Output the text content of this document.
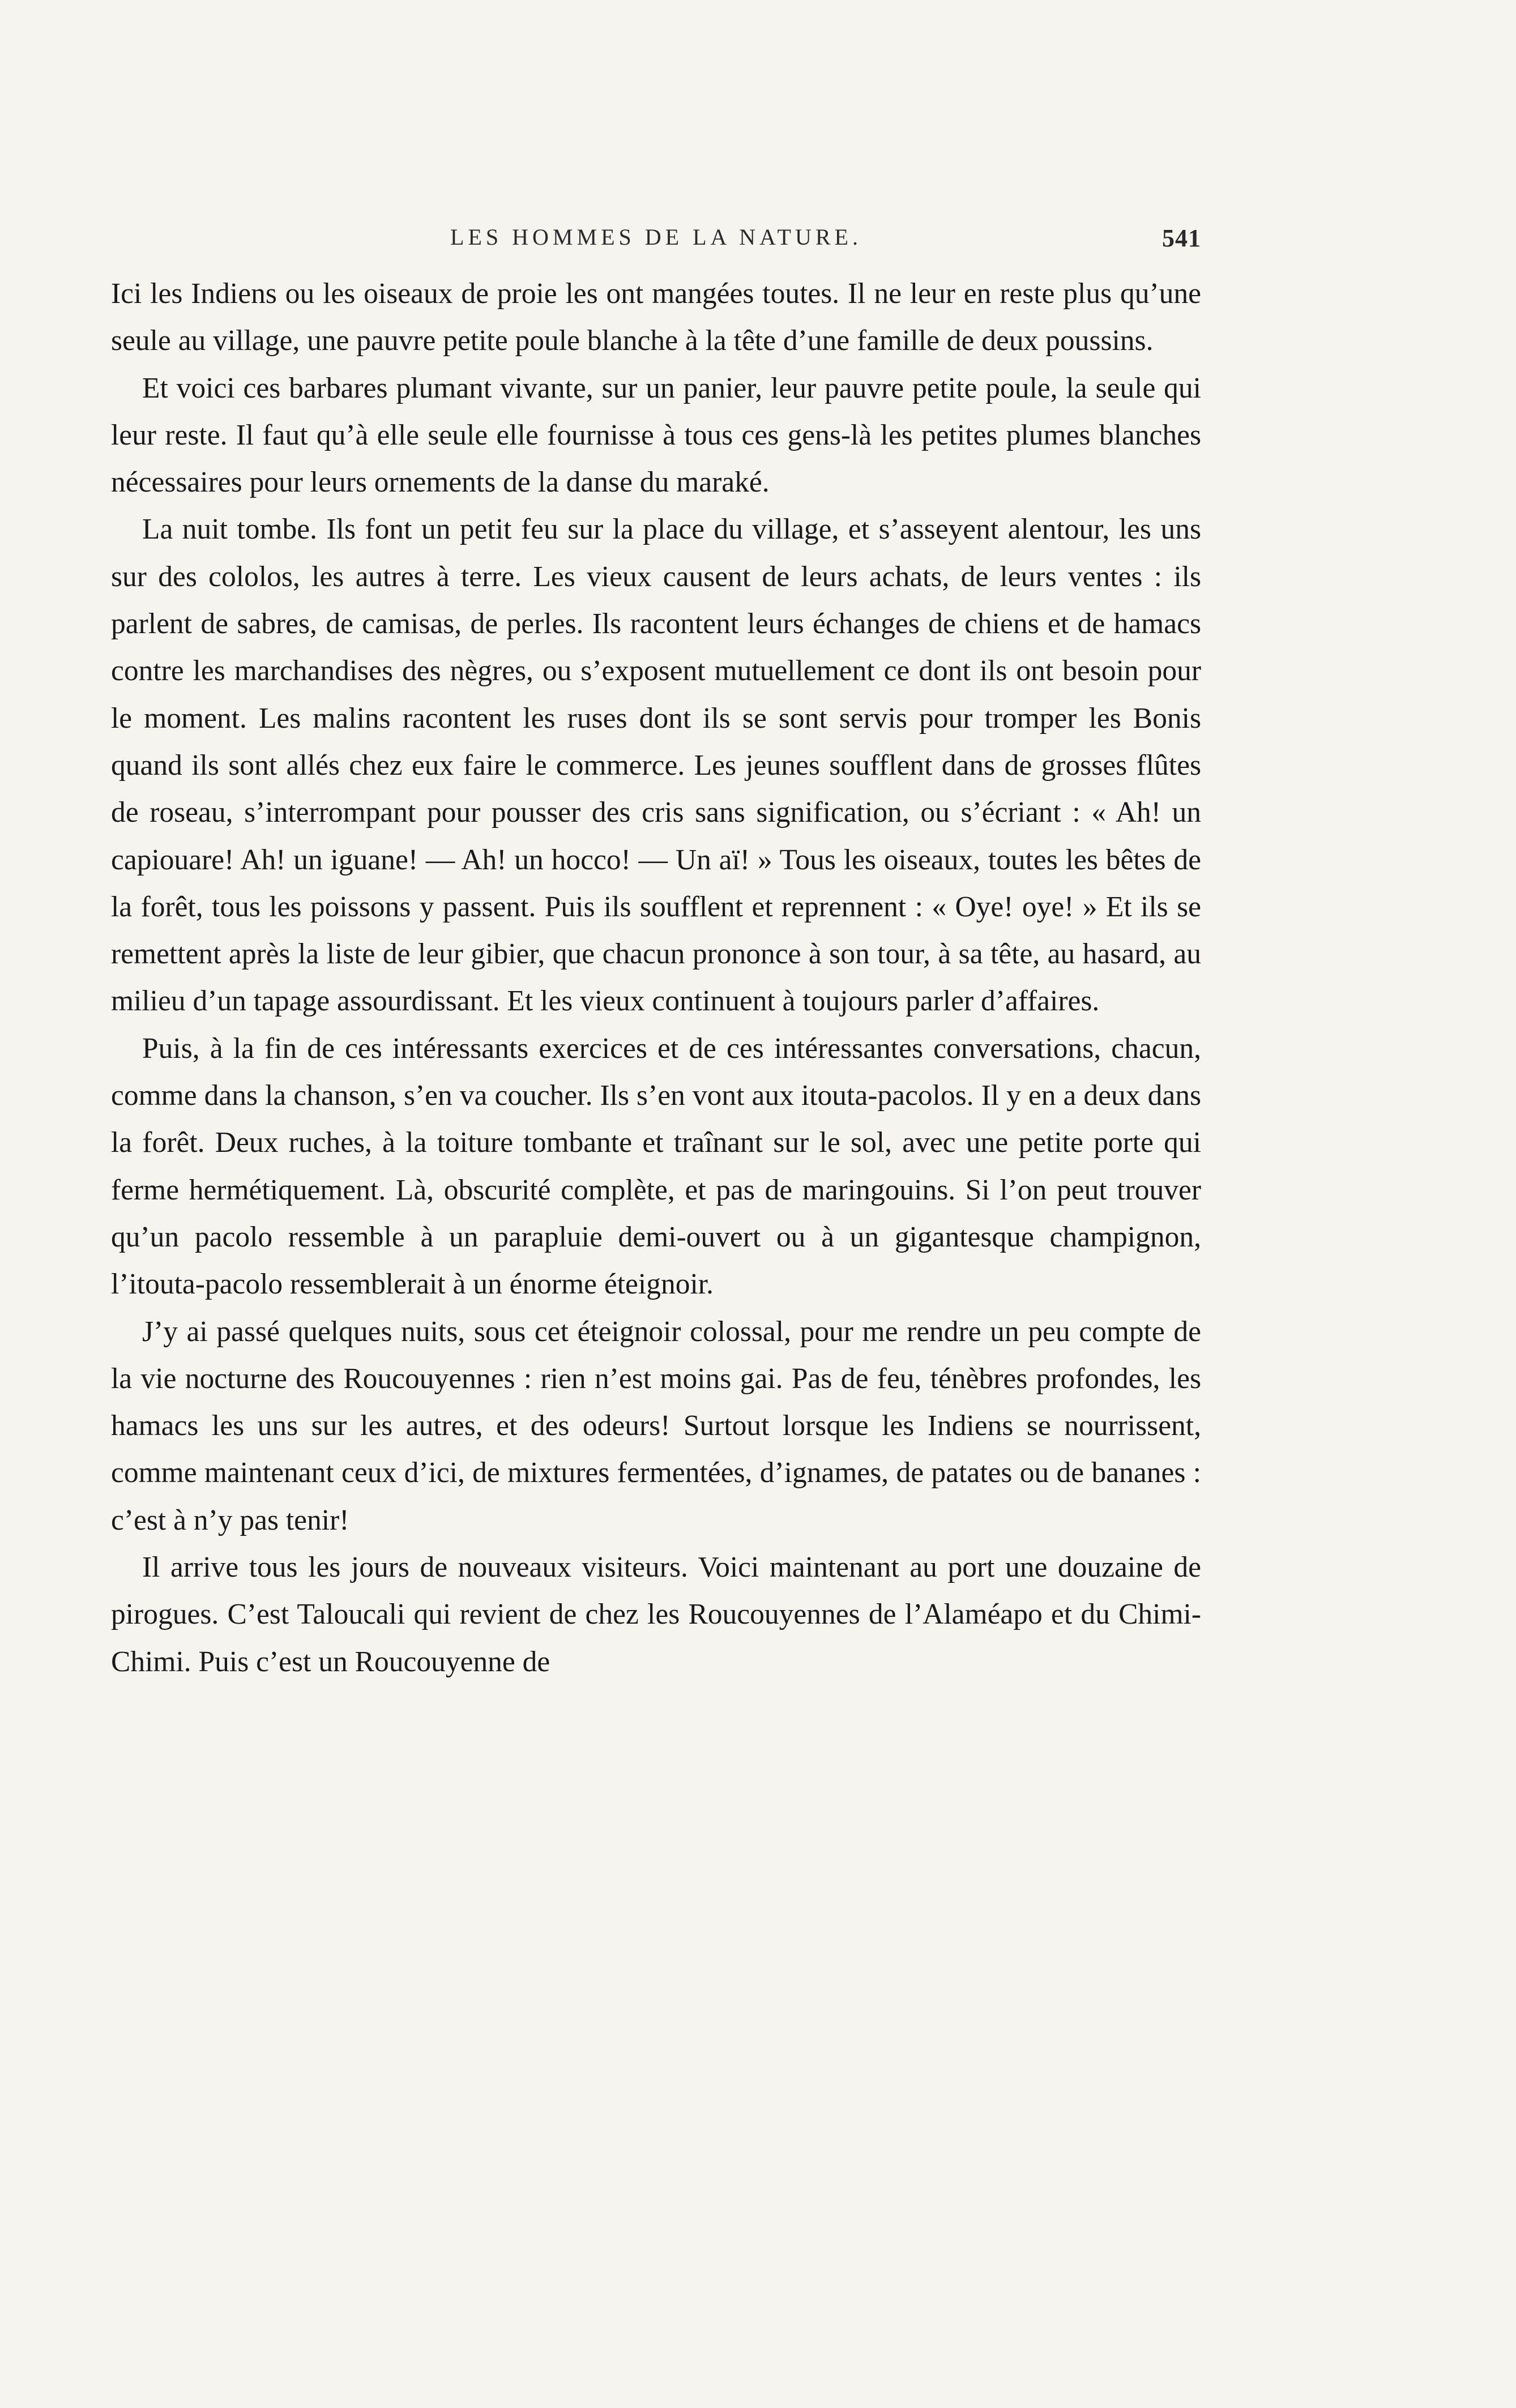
LES HOMMES DE LA NATURE.	541

Ici les Indiens ou les oiseaux de proie les ont mangées toutes. Il ne leur en reste plus qu’une seule au village, une pauvre petite poule blanche à la tête d’une famille de deux poussins.

Et voici ces barbares plumant vivante, sur un panier, leur pauvre petite poule, la seule qui leur reste. Il faut qu’à elle seule elle fournisse à tous ces gens-là les petites plumes blanches nécessaires pour leurs ornements de la danse du maraké.

La nuit tombe. Ils font un petit feu sur la place du village, et s’asseyent alentour, les uns sur des cololos, les autres à terre. Les vieux causent de leurs achats, de leurs ventes : ils parlent de sabres, de camisas, de perles. Ils racontent leurs échanges de chiens et de hamacs contre les marchandises des nègres, ou s’exposent mutuellement ce dont ils ont besoin pour le moment. Les malins racontent les ruses dont ils se sont servis pour tromper les Bonis quand ils sont allés chez eux faire le commerce. Les jeunes soufflent dans de grosses flûtes de roseau, s’interrompant pour pousser des cris sans signification, ou s’écriant : « Ah! un capiouare! Ah! un iguane! — Ah! un hocco! — Un aï! » Tous les oiseaux, toutes les bêtes de la forêt, tous les poissons y passent. Puis ils soufflent et reprennent : « Oye! oye! » Et ils se remettent après la liste de leur gibier, que chacun prononce à son tour, à sa tête, au hasard, au milieu d’un tapage assourdissant. Et les vieux continuent à toujours parler d’affaires.

Puis, à la fin de ces intéressants exercices et de ces intéressantes conversations, chacun, comme dans la chanson, s’en va coucher. Ils s’en vont aux itouta-pacolos. Il y en a deux dans la forêt. Deux ruches, à la toiture tombante et traînant sur le sol, avec une petite porte qui ferme hermétiquement. Là, obscurité complète, et pas de maringouins. Si l’on peut trouver qu’un pacolo ressemble à un parapluie demi-ouvert ou à un gigantesque champignon, l’itouta-pacolo ressemblerait à un énorme éteignoir.

J’y ai passé quelques nuits, sous cet éteignoir colossal, pour me rendre un peu compte de la vie nocturne des Roucouyennes : rien n’est moins gai. Pas de feu, ténèbres profondes, les hamacs les uns sur les autres, et des odeurs! Surtout lorsque les Indiens se nourrissent, comme maintenant ceux d’ici, de mixtures fermentées, d’ignames, de patates ou de bananes : c’est à n’y pas tenir!

Il arrive tous les jours de nouveaux visiteurs. Voici maintenant au port une douzaine de pirogues. C’est Taloucali qui revient de chez les Roucouyennes de l’Alaméapo et du Chimi-Chimi. Puis c’est un Roucouyenne de
